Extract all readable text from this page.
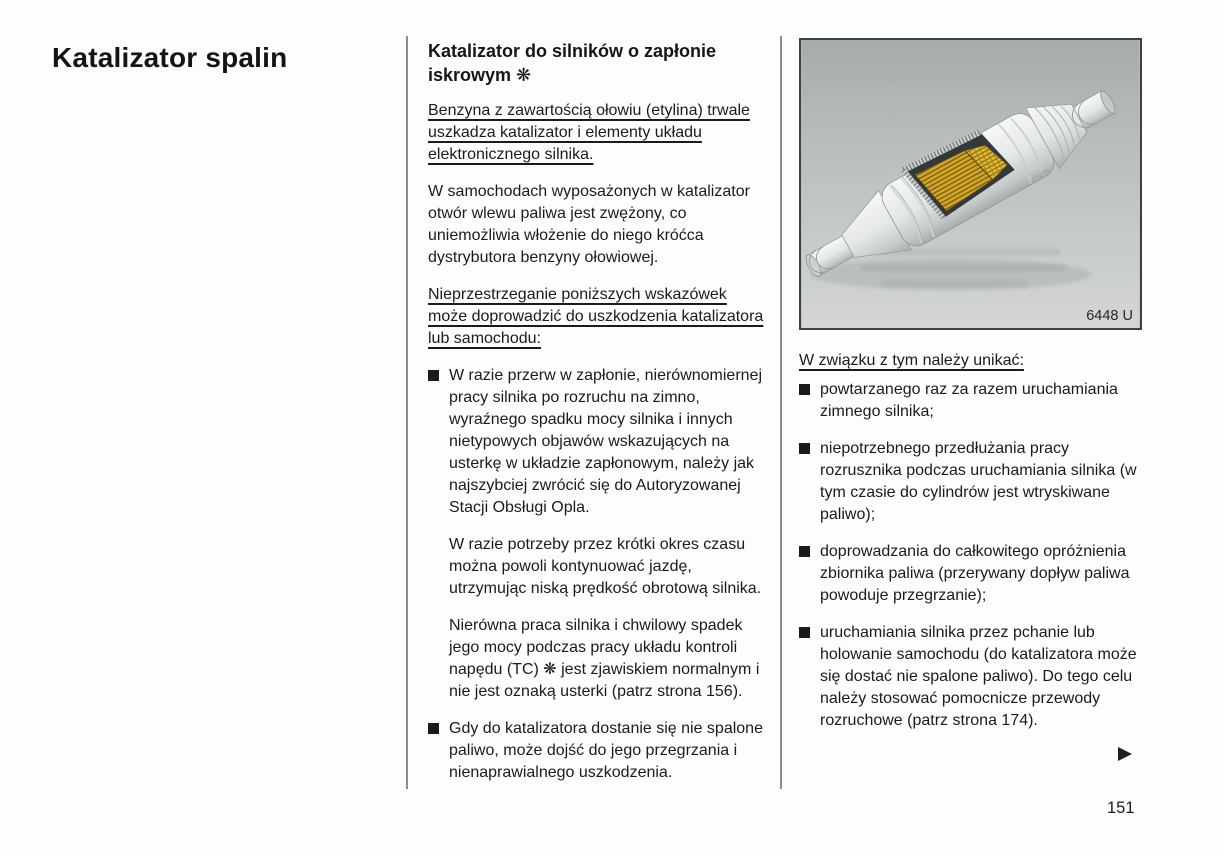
Katalizator spalin	Katalizator do silników o zapłonie iskrowym ❋

Benzyna z zawartością ołowiu (etylina) trwale uszkadza katalizator i elementy układu elektronicznego silnika.

W samochodach wyposażonych w katalizator otwór wlewu paliwa jest zwężony, co uniemożliwia włożenie do niego króćca dystrybutora benzyny ołowiowej.

Nieprzestrzeganie poniższych wskazówek może doprowadzić do uszkodzenia katalizatora lub samochodu:

W razie przerw w zapłonie, nierównomiernej pracy silnika po rozruchu na zimno, wyraźnego spadku mocy silnika i innych nietypowych objawów wskazujących na usterkę w układzie zapłonowym, należy jak najszybciej zwrócić się do Autoryzowanej Stacji Obsługi Opla.

W razie potrzeby przez krótki okres czasu można powoli kontynuować jazdę, utrzymując niską prędkość obrotową silnika.

Nierówna praca silnika i chwilowy spadek jego mocy podczas pracy układu kontroli napędu (TC) ❋ jest zjawiskiem normalnym i nie jest oznaką usterki (patrz strona 156).

Gdy do katalizatora dostanie się nie spalone paliwo, może dojść do jego przegrzania i nienaprawialnego uszkodzenia.
6448 U

W związku z tym należy unikać:

powtarzanego raz za razem uruchamiania zimnego silnika;
niepotrzebnego przedłużania pracy rozrusznika podczas uruchamiania silnika (w tym czasie do cylindrów jest wtryskiwane paliwo);
doprowadzania do całkowitego opróżnienia zbiornika paliwa (przerywany dopływ paliwa powoduje przegrzanie);
uruchamiania silnika przez pchanie lub holowanie samochodu (do katalizatora może się dostać nie spalone paliwo). Do tego celu należy stosować pomocnicze przewody rozruchowe (patrz strona 174).
151
